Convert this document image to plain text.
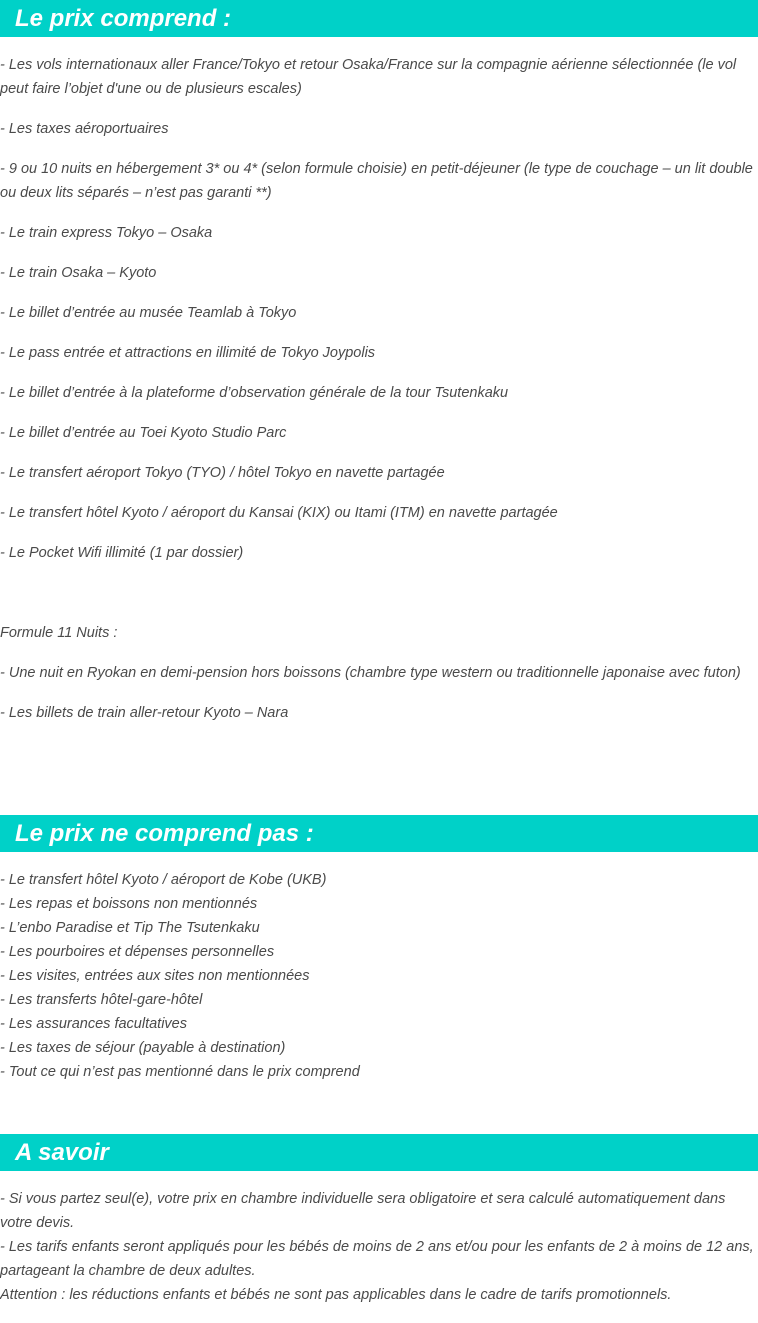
Le prix comprend :

- Les vols internationaux aller France/Tokyo et retour Osaka/France sur la compagnie aérienne sélectionnée (le vol peut faire l’objet d'une ou de plusieurs escales)

- Les taxes aéroportuaires

- 9 ou 10 nuits en hébergement 3* ou 4* (selon formule choisie) en petit-déjeuner (le type de couchage – un lit double ou deux lits séparés – n’est pas garanti **)

- Le train express Tokyo – Osaka

- Le train Osaka – Kyoto

- Le billet d’entrée au musée Teamlab à Tokyo

- Le pass entrée et attractions en illimité de Tokyo Joypolis

- Le billet d’entrée à la plateforme d’observation générale de la tour Tsutenkaku

- Le billet d’entrée au Toei Kyoto Studio Parc

- Le transfert aéroport Tokyo (TYO) / hôtel Tokyo en navette partagée

- Le transfert hôtel Kyoto / aéroport du Kansai (KIX) ou Itami (ITM) en navette partagée

- Le Pocket Wifi illimité (1 par dossier)

Formule 11 Nuits :

- Une nuit en Ryokan en demi-pension hors boissons (chambre type western ou traditionnelle japonaise avec futon)

- Les billets de train aller-retour Kyoto – Nara

Le prix ne comprend pas :

- Le transfert hôtel Kyoto / aéroport de Kobe (UKB)

- Les repas et boissons non mentionnés

- L’enbo Paradise et Tip The Tsutenkaku

- Les pourboires et dépenses personnelles

- Les visites, entrées aux sites non mentionnées

- Les transferts hôtel-gare-hôtel

- Les assurances facultatives

- Les taxes de séjour (payable à destination)

- Tout ce qui n’est pas mentionné dans le prix comprend

A savoir

- Si vous partez seul(e), votre prix en chambre individuelle sera obligatoire et sera calculé automatiquement dans votre devis.

- Les tarifs enfants seront appliqués pour les bébés de moins de 2 ans et/ou pour les enfants de 2 à moins de 12 ans, partageant la chambre de deux adultes.

Attention : les réductions enfants et bébés ne sont pas applicables dans le cadre de tarifs promotionnels.
